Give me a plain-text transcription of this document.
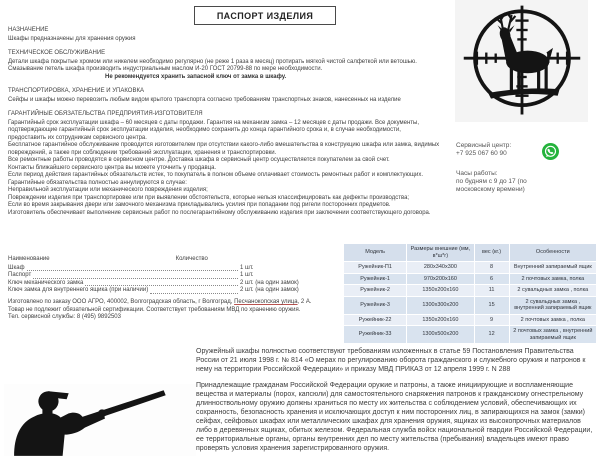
ПАСПОРТ ИЗДЕЛИЯ
НАЗНАЧЕНИЕ
Шкафы предназначены для хранения оружия
ТЕХНИЧЕСКОЕ ОБСЛУЖИВАНИЕ
Детали шкафа покрытые хромом или никелем необходимо регулярно (не реже 1 раза в месяц) протирать мягкой чистой салфеткой или ветошью.
Смазывание петель шкафа производить индустриальным маслом И-20 ГОСТ 20799-88 по мере необходимости.
Не рекомендуется хранить запасной ключ от замка в шкафу.
ТРАНСПОРТИРОВКА, ХРАНЕНИЕ И УПАКОВКА
Сейфы и шкафы можно перевозить любым видом крытого транспорта согласно требованиям транспортных знаков, нанесенных на изделие
ГАРАНТИЙНЫЕ ОБЯЗАТЕЛЬСТВА ПРЕДПРИЯТИЯ-ИЗГОТОВИТЕЛЯ
Гарантийный срок эксплуатации шкафа – 60 месяцев с даты продажи. Гарантия на механизм замка – 12 месяцев с даты продажи. Все документы, подтверждающие гарантийный срок эксплуатации изделия, необходимо сохранить до конца гарантийного срока и, в случае необходимости, предоставить их сотрудникам сервисного центра.
Бесплатное гарантийное обслуживание проводится изготовителем при отсутствии какого-либо вмешательства в конструкцию шкафа или замка, видимых повреждений, а также при соблюдении требований эксплуатации, хранения и транспортировки.
Все ремонтные работы проводятся в сервисном центре. Доставка шкафа в сервисный центр осуществляется покупателем за свой счет.
Контакты ближайшего сервисного центра вы можете уточнить у продавца.
Если период действия гарантийных обязательств истек, то покупатель в полном объеме оплачивает стоимость ремонтных работ и комплектующих.
Гарантийные обязательства полностью аннулируются в случае:
Неправильной эксплуатации или механического повреждения изделия;
Повреждении изделия при транспортировке или при выявлении обстоятельств, которые нельзя классифицировать как дефекты производства;
Если во время закрывания двери или замочного механизма прикладывались усилия при попадании под ригели посторонних предметов.
Изготовитель обеспечивает выполнение сервисных работ по послегарантийному обслуживанию изделия при заключении соответствующего договора.
Сервисный центр:
+7 925 067 60 90
Часы работы:
по будням с 9 до 17 (по московскому времени)
Наименование	Количество
Шкаф	1 шт.
Паспорт	1 шт.
Ключ механического замка	2 шт. (на один замок)
Ключ замка для внутреннего ящика (при наличии)	2 шт. (на один замок)
Изготовлено по заказу ООО АГРО, 400002, Волгоградская область, г Волгоград, Песчанокопская улица, 2 А.
Товар не подлежит обязательной сертификации. Соответствует требованиям МВД по хранению оружия.
Тел. сервисной службы: 8 (495) 9892503
Модель	Размеры внешние (мм, в*ш*г)	вес (кг.)	Особенности
Ружейник-П1	280х340х300	8	Внутренний запираемый ящик
Ружейник-1	970х200х160	6	2 почтовых замка, полка
Ружейник-2	1350х200х160	11	2 сувальдных замка , полка
Ружейник-3	1300х300х200	15	2 сувальдных замка , внутренний запираемый ящик
Ружейник-22	1350х200х160	9	2 почтовых замка , полка
Ружейник-33	1300х500х200	12	2 почтовых замка , внутренний запираемый ящик

Оружейный шкафы полностью соответствуют требованиям изложенных в статье 59 Постановления Правительства России от 21 июля 1998 г. № 814 «О мерах по регулированию оборота гражданского и служебного оружия и патронов к нему на территории Российской Федерации» и приказу МВД ПРИКАЗ от 12 апреля 1999 г. N 288

Принадлежащие гражданам Российской Федерации оружие и патроны, а также инициирующие и воспламеняющие вещества и материалы (порох, капсюли) для самостоятельного снаряжения патронов к гражданскому огнестрельному длинноствольному оружию должны храниться по месту их жительства с соблюдением условий, обеспечивающих их сохранность, безопасность хранения и исключающих доступ к ним посторонних лиц, в запирающихся на замок (замки) сейфах, сейфовых шкафах или металлических шкафах для хранения оружия, ящиках из высокопрочных материалов либо в деревянных ящиках, обитых железом. Федеральная служба войск национальной гвардии Российской Федерации, ее территориальные органы, органы внутренних дел по месту жительства (пребывания) владельцев имеют право проверять условия хранения зарегистрированного оружия.
